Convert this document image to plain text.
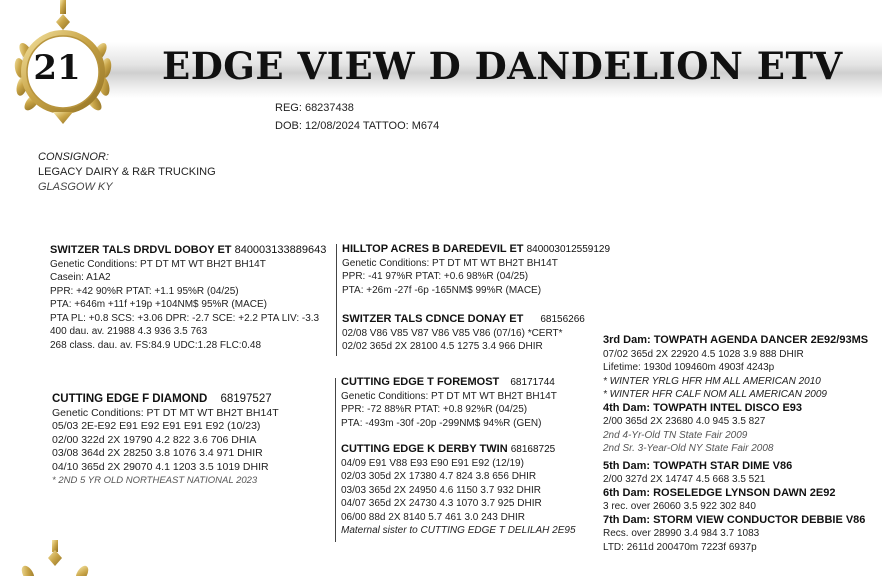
21	EDGE VIEW D DANDELION ETV
REG: 68237438
DOB: 12/08/2024 TATTOO: M674
CONSIGNOR:
LEGACY DAIRY & R&R TRUCKING
GLASGOW KY
SWITZER TALS DRDVL DOBOY ET 840003133889643
Genetic Conditions: PT DT MT WT BH2T BH14T
Casein: A1A2
PPR: +42 90%R PTAT: +1.1 95%R (04/25)
PTA: +646m +11f +19p +104NM$ 95%R (MACE)
PTA PL: +0.8 SCS: +3.06 DPR: -2.7 SCE: +2.2 PTA LIV: -3.3
400 dau. av. 21988 4.3 936 3.5 763
268 class. dau. av. FS:84.9 UDC:1.28 FLC:0.48
HILLTOP ACRES B DAREDEVIL ET 840003012559129
Genetic Conditions: PT DT MT WT BH2T BH14T
PPR: -41 97%R PTAT: +0.6 98%R (04/25)
PTA: +26m -27f -6p -165NM$ 99%R (MACE)
SWITZER TALS CDNCE DONAY ET 68156266
02/08 V86 V85 V87 V86 V85 V86 (07/16) *CERT*
02/02 365d 2X 28100 4.5 1275 3.4 966 DHIR
CUTTING EDGE F DIAMOND 68197527
Genetic Conditions: PT DT MT WT BH2T BH14T
05/03 2E-E92 E91 E92 E91 E91 E92 (10/23)
02/00 322d 2X 19790 4.2 822 3.6 706 DHIA
03/08 364d 2X 28250 3.8 1076 3.4 971 DHIR
04/10 365d 2X 29070 4.1 1203 3.5 1019 DHIR
* 2ND 5 YR OLD NORTHEAST NATIONAL 2023
CUTTING EDGE T FOREMOST 68171744
Genetic Conditions: PT DT MT WT BH2T BH14T
PPR: -72 88%R PTAT: +0.8 92%R (04/25)
PTA: -493m -30f -20p -299NM$ 94%R (GEN)
CUTTING EDGE K DERBY TWIN 68168725
04/09 E91 V88 E93 E90 E91 E92 (12/19)
02/03 305d 2X 17380 4.7 824 3.8 656 DHIR
03/03 365d 2X 24950 4.6 1150 3.7 932 DHIR
04/07 365d 2X 24730 4.3 1070 3.7 925 DHIR
06/00 88d 2X 8140 5.7 461 3.0 243 DHIR
Maternal sister to CUTTING EDGE T DELILAH 2E95
3rd Dam: TOWPATH AGENDA DANCER 2E92/93MS
07/02 365d 2X 22920 4.5 1028 3.9 888 DHIR
Lifetime: 1930d 109460m 4903f 4243p
* WINTER YRLG HFR HM ALL AMERICAN 2010
* WINTER HFR CALF NOM ALL AMERICAN 2009
4th Dam: TOWPATH INTEL DISCO E93
2/00 365d 2X 23680 4.0 945 3.5 827
2nd 4-Yr-Old TN State Fair 2009
2nd Sr. 3-Year-Old NY State Fair 2008
5th Dam: TOWPATH STAR DIME V86
2/00 327d 2X 14747 4.5 668 3.5 521
6th Dam: ROSELEDGE LYNSON DAWN 2E92
3 rec. over 26060 3.5 922 302 840
7th Dam: STORM VIEW CONDUCTOR DEBBIE V86
Recs. over 28990 3.4 984 3.7 1083
LTD: 2611d 200470m 7223f 6937p
